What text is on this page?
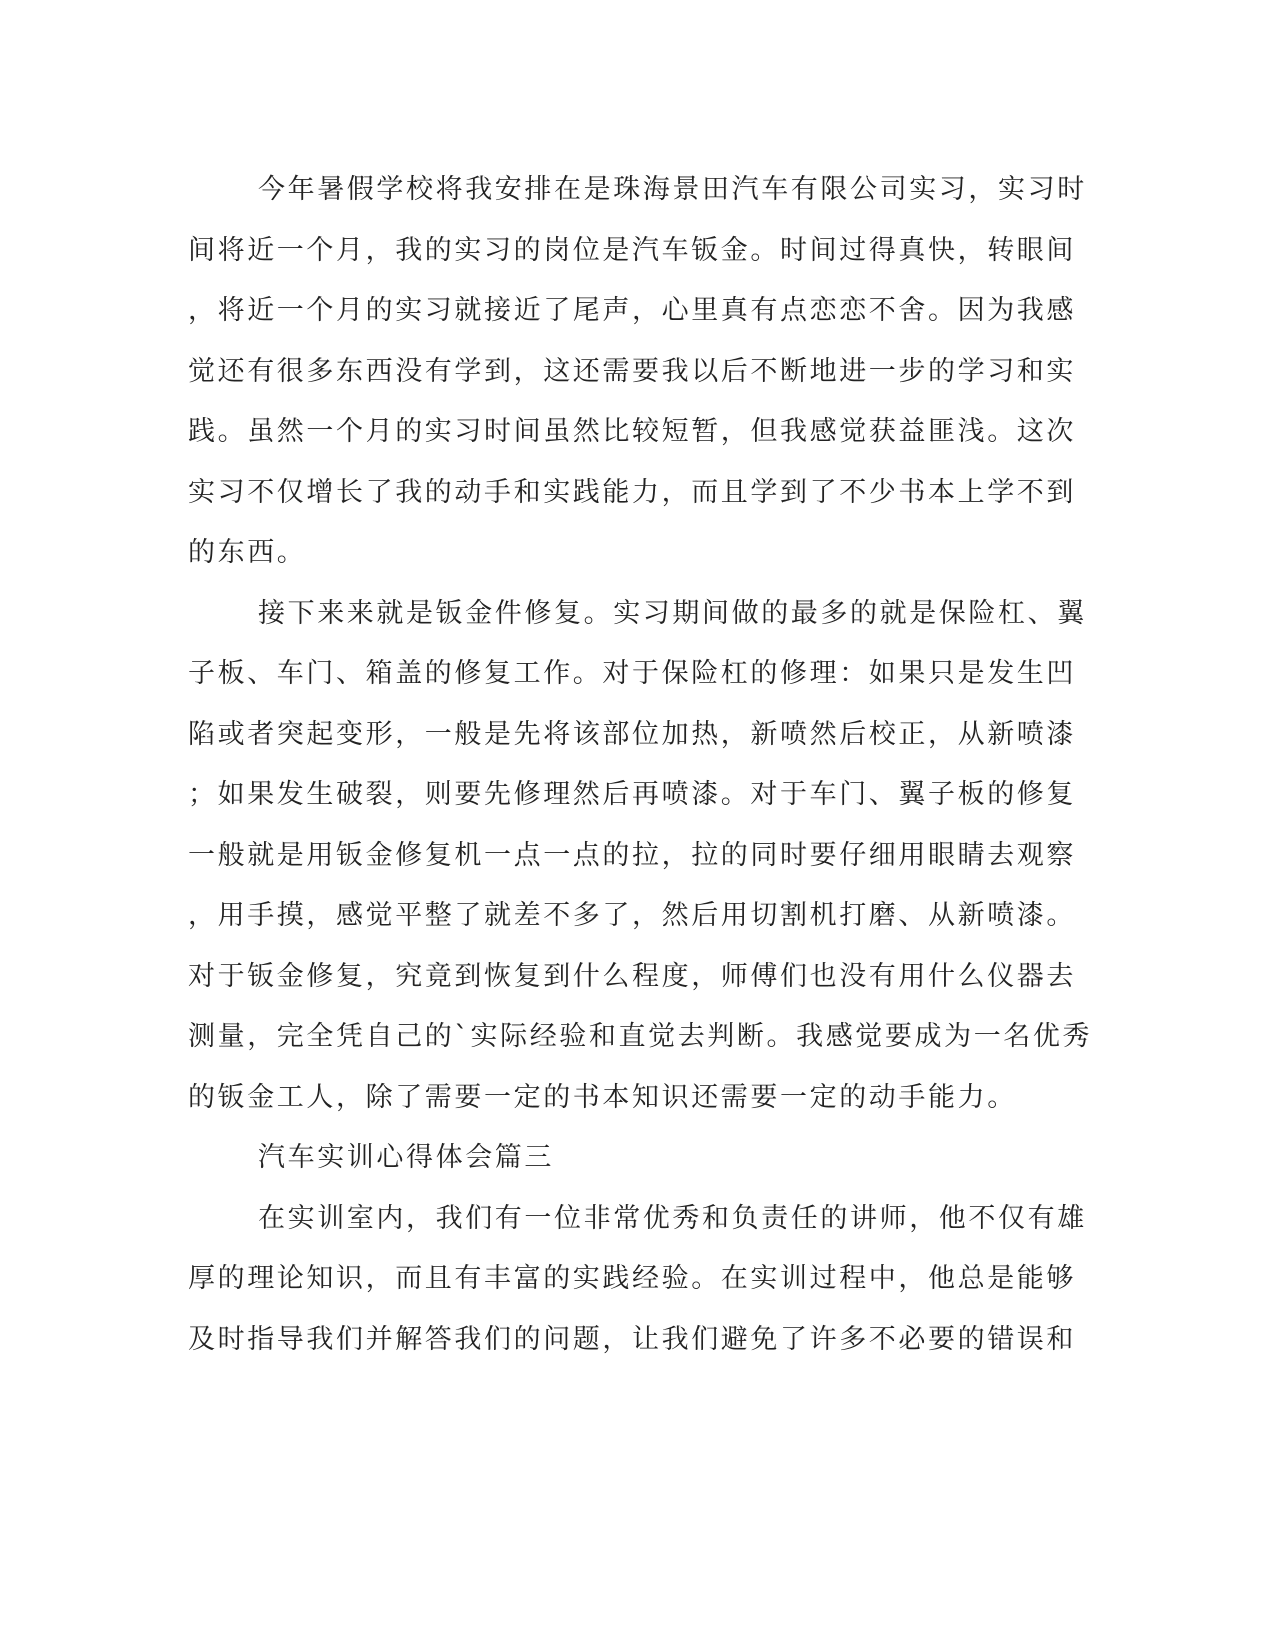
今年暑假学校将我安排在是珠海景田汽车有限公司实习，实习时
间将近一个月，我的实习的岗位是汽车钣金。时间过得真快，转眼间
，将近一个月的实习就接近了尾声，心里真有点恋恋不舍。因为我感
觉还有很多东西没有学到，这还需要我以后不断地进一步的学习和实
践。虽然一个月的实习时间虽然比较短暂，但我感觉获益匪浅。这次
实习不仅增长了我的动手和实践能力，而且学到了不少书本上学不到
的东西。
接下来来就是钣金件修复。实习期间做的最多的就是保险杠、翼
子板、车门、箱盖的修复工作。对于保险杠的修理：如果只是发生凹
陷或者突起变形，一般是先将该部位加热，新喷然后校正，从新喷漆
；如果发生破裂，则要先修理然后再喷漆。对于车门、翼子板的修复
一般就是用钣金修复机一点一点的拉，拉的同时要仔细用眼睛去观察
，用手摸，感觉平整了就差不多了，然后用切割机打磨、从新喷漆。
对于钣金修复，究竟到恢复到什么程度，师傅们也没有用什么仪器去
测量，完全凭自己的`实际经验和直觉去判断。我感觉要成为一名优秀
的钣金工人，除了需要一定的书本知识还需要一定的动手能力。
汽车实训心得体会篇三
在实训室内，我们有一位非常优秀和负责任的讲师，他不仅有雄
厚的理论知识，而且有丰富的实践经验。在实训过程中，他总是能够
及时指导我们并解答我们的问题，让我们避免了许多不必要的错误和
